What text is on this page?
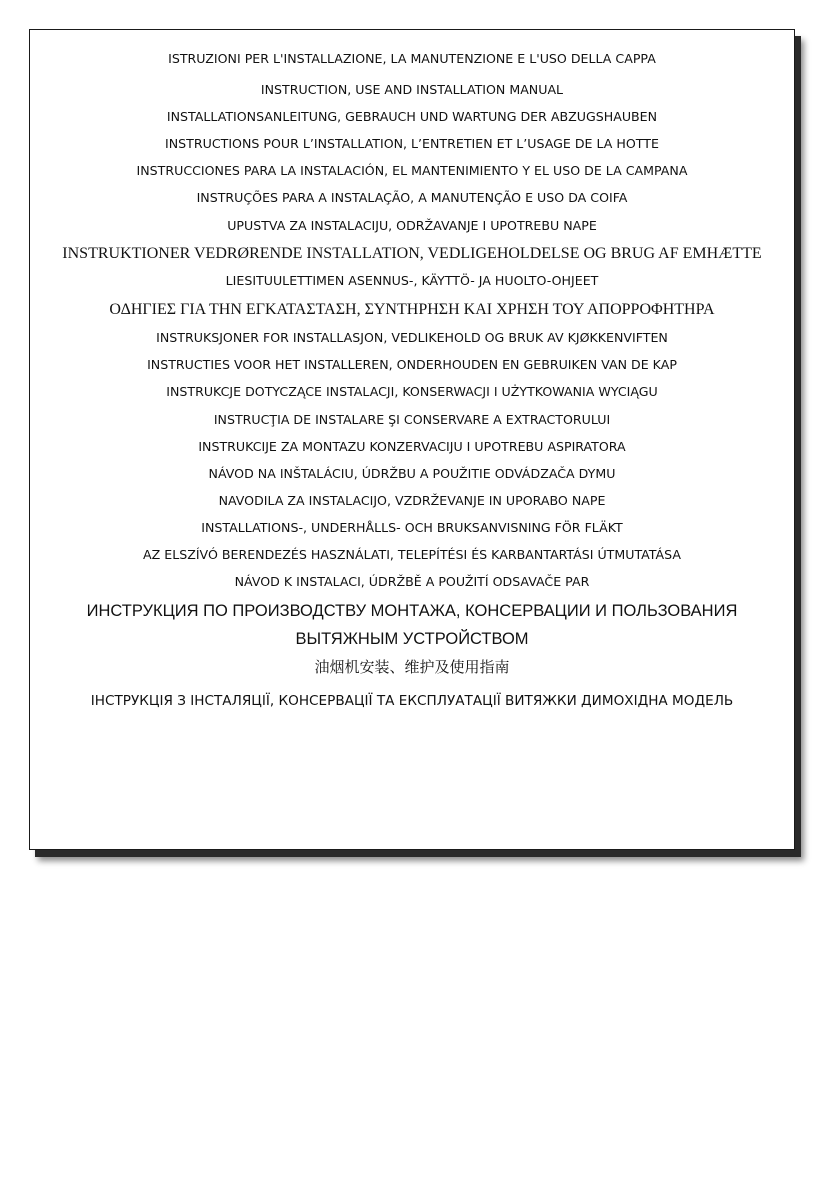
ISTRUZIONI PER L'INSTALLAZIONE, LA MANUTENZIONE E L'USO DELLA CAPPA
INSTRUCTION, USE AND INSTALLATION MANUAL
INSTALLATIONSANLEITUNG, GEBRAUCH UND WARTUNG DER ABZUGSHAUBEN
INSTRUCTIONS POUR L’INSTALLATION, L’ENTRETIEN ET L’USAGE DE LA HOTTE
INSTRUCCIONES PARA LA INSTALACIÓN, EL MANTENIMIENTO Y EL USO DE LA CAMPANA
INSTRUÇÕES PARA A INSTALAÇÃO, A MANUTENÇÃO E USO DA COIFA
UPUSTVA ZA INSTALACIJU, ODRŽAVANJE I UPOTREBU NAPE
INSTRUKTIONER VEDRØRENDE INSTALLATION, VEDLIGEHOLDELSE OG BRUG AF EMHÆTTE
LIESITUULETTIMEN ASENNUS-, KÄYTTÖ- JA HUOLTO-OHJEET
ΟΔΗΓΙΕΣ ΓΙΑ ΤΗΝ ΕΓΚΑΤΑΣΤΑΣΗ, ΣΥΝΤΗΡΗΣΗ ΚΑΙ ΧΡΗΣΗ ΤΟΥ ΑΠΟΡΡΟΦΗΤΗΡΑ
INSTRUKSJONER FOR INSTALLASJON, VEDLIKEHOLD OG BRUK AV KJØKKENVIFTEN
INSTRUCTIES VOOR HET INSTALLEREN, ONDERHOUDEN EN GEBRUIKEN VAN DE KAP
INSTRUKCJE DOTYCZĄCE INSTALACJI, KONSERWACJI I UŻYTKOWANIA WYCIĄGU
INSTRUCŢIA DE INSTALARE ŞI CONSERVARE A EXTRACTORULUI
INSTRUKCIJE ZA MONTAZU KONZERVACIJU I UPOTREBU ASPIRATORA
NÁVOD NA INŠTALÁCIU, ÚDRŽBU A POUŽITIE ODVÁDZAČA DYMU
NAVODILA ZA INSTALACIJO, VZDRŽEVANJE IN UPORABO NAPE
INSTALLATIONS-, UNDERHÅLLS- OCH BRUKSANVISNING FÖR FLÄKT
AZ ELSZÍVÓ BERENDEZÉS HASZNÁLATI, TELEPÍTÉSI ÉS KARBANTARTÁSI ÚTMUTATÁSA
NÁVOD K INSTALACI, ÚDRŽBĚ A POUŽITÍ ODSAVAČE PAR
ИНСТРУКЦИЯ ПО ПРОИЗВОДСТВУ МОНТАЖА, КОНСЕРВАЦИИ И ПОЛЬЗОВАНИЯ
ВЫТЯЖНЫМ УСТРОЙСТВОМ
油烟机安装、维护及使用指南
ІНСТРУКЦІЯ З ІНСТАЛЯЦІЇ, КОНСЕРВАЦІЇ ТА ЕКСПЛУАТАЦІЇ ВИТЯЖКИ ДИМОХІДНА МОДЕЛЬ
